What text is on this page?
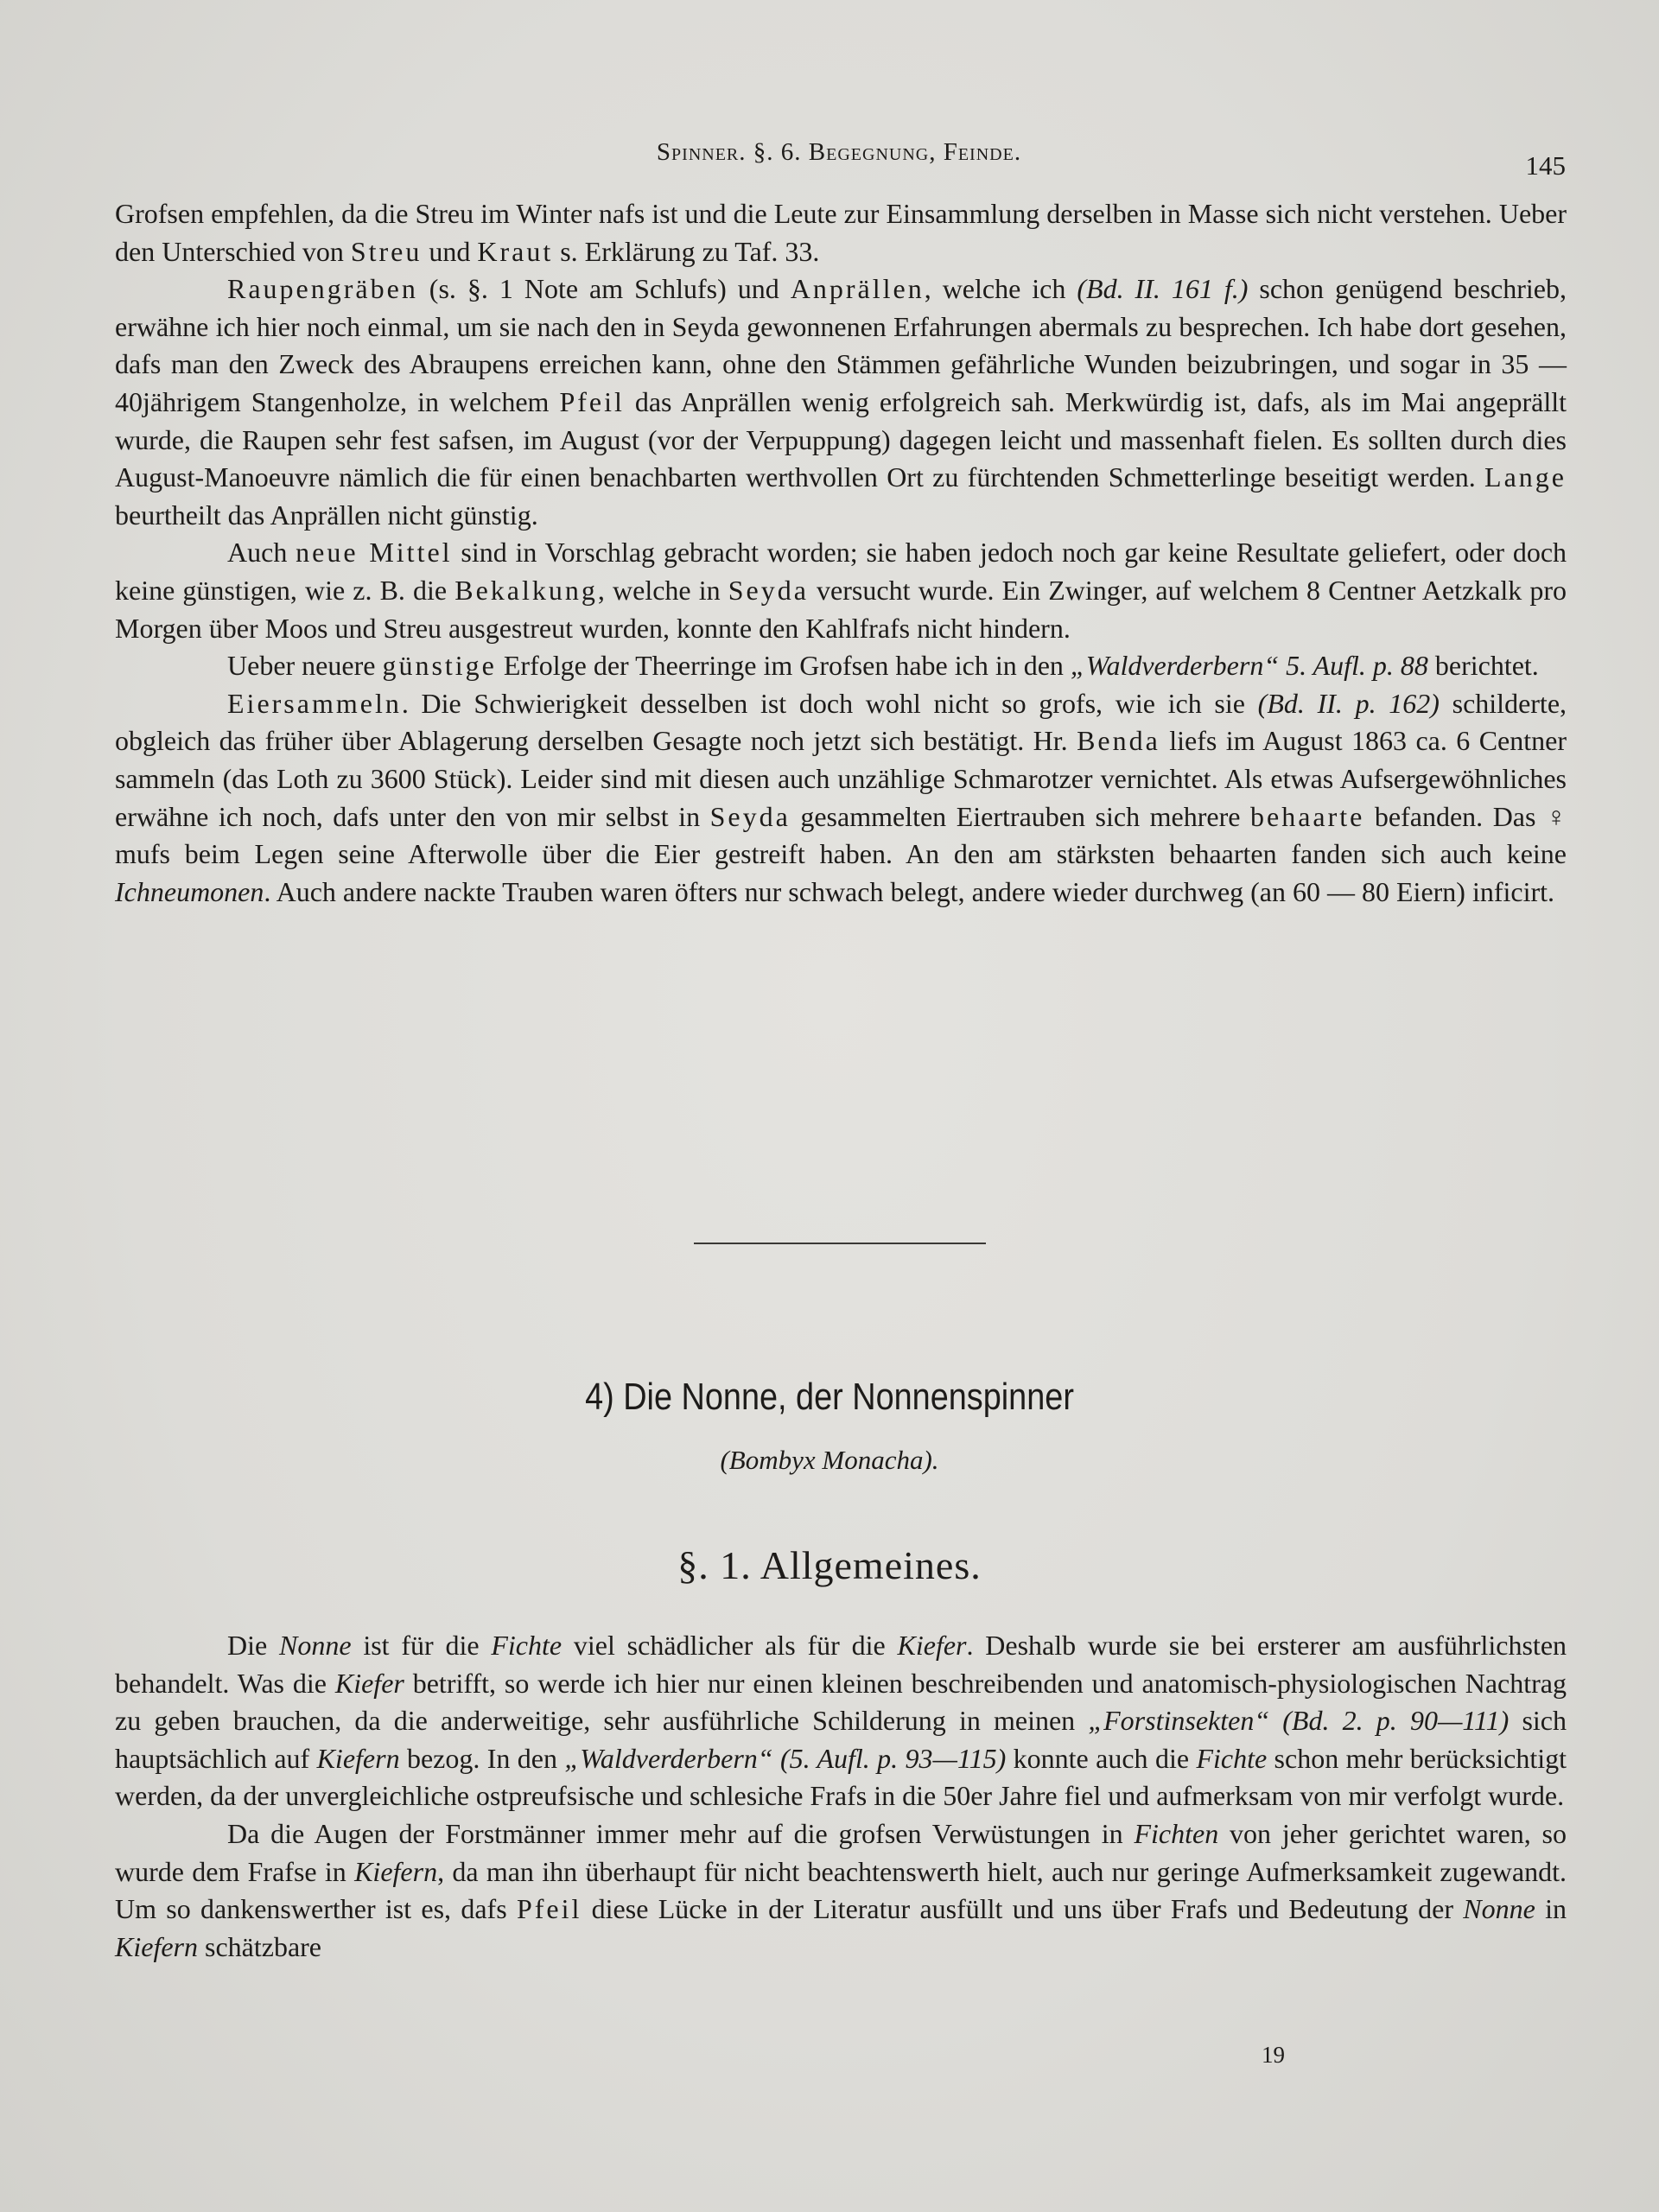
Spinner. §. 6. Begegnung, Feinde.	145

Grofsen empfehlen, da die Streu im Winter nafs ist und die Leute zur Einsammlung derselben in Masse sich nicht verstehen. Ueber den Unterschied von Streu und Kraut s. Erklärung zu Taf. 33.

Raupengräben (s. §. 1 Note am Schlufs) und Anprällen, welche ich (Bd. II. 161 f.) schon genügend beschrieb, erwähne ich hier noch einmal, um sie nach den in Seyda gewonnenen Erfahrungen abermals zu besprechen. Ich habe dort gesehen, dafs man den Zweck des Abraupens erreichen kann, ohne den Stämmen gefährliche Wunden beizubringen, und sogar in 35 — 40jährigem Stangenholze, in welchem Pfeil das Anprällen wenig erfolgreich sah. Merkwürdig ist, dafs, als im Mai angeprällt wurde, die Raupen sehr fest safsen, im August (vor der Verpuppung) dagegen leicht und massenhaft fielen. Es sollten durch dies August-Manoeuvre nämlich die für einen benachbarten werthvollen Ort zu fürchtenden Schmetterlinge beseitigt werden. Lange beurtheilt das Anprällen nicht günstig.

Auch neue Mittel sind in Vorschlag gebracht worden; sie haben jedoch noch gar keine Resultate geliefert, oder doch keine günstigen, wie z. B. die Bekalkung, welche in Seyda versucht wurde. Ein Zwinger, auf welchem 8 Centner Aetzkalk pro Morgen über Moos und Streu ausgestreut wurden, konnte den Kahlfrafs nicht hindern.

Ueber neuere günstige Erfolge der Theerringe im Grofsen habe ich in den „Waldverderbern“ 5. Aufl. p. 88 berichtet.

Eiersammeln. Die Schwierigkeit desselben ist doch wohl nicht so grofs, wie ich sie (Bd. II. p. 162) schilderte, obgleich das früher über Ablagerung derselben Gesagte noch jetzt sich bestätigt. Hr. Benda liefs im August 1863 ca. 6 Centner sammeln (das Loth zu 3600 Stück). Leider sind mit diesen auch unzählige Schmarotzer vernichtet. Als etwas Aufsergewöhnliches erwähne ich noch, dafs unter den von mir selbst in Seyda gesammelten Eiertrauben sich mehrere behaarte befanden. Das ♀ mufs beim Legen seine Afterwolle über die Eier gestreift haben. An den am stärksten behaarten fanden sich auch keine Ichneumonen. Auch andere nackte Trauben waren öfters nur schwach belegt, andere wieder durchweg (an 60 — 80 Eiern) inficirt.

4) Die Nonne, der Nonnenspinner
(Bombyx Monacha).
§. 1. Allgemeines.

Die Nonne ist für die Fichte viel schädlicher als für die Kiefer. Deshalb wurde sie bei ersterer am ausführlichsten behandelt. Was die Kiefer betrifft, so werde ich hier nur einen kleinen beschreibenden und anatomisch-physiologischen Nachtrag zu geben brauchen, da die anderweitige, sehr ausführliche Schilderung in meinen „Forstinsekten“ (Bd. 2. p. 90—111) sich hauptsächlich auf Kiefern bezog. In den „Waldverderbern“ (5. Aufl. p. 93—115) konnte auch die Fichte schon mehr berücksichtigt werden, da der unvergleichliche ostpreufsische und schlesiche Frafs in die 50er Jahre fiel und aufmerksam von mir verfolgt wurde.

Da die Augen der Forstmänner immer mehr auf die grofsen Verwüstungen in Fichten von jeher gerichtet waren, so wurde dem Frafse in Kiefern, da man ihn überhaupt für nicht beachtenswerth hielt, auch nur geringe Aufmerksamkeit zugewandt. Um so dankenswerther ist es, dafs Pfeil diese Lücke in der Literatur ausfüllt und uns über Frafs und Bedeutung der Nonne in Kiefern schätzbare

19
